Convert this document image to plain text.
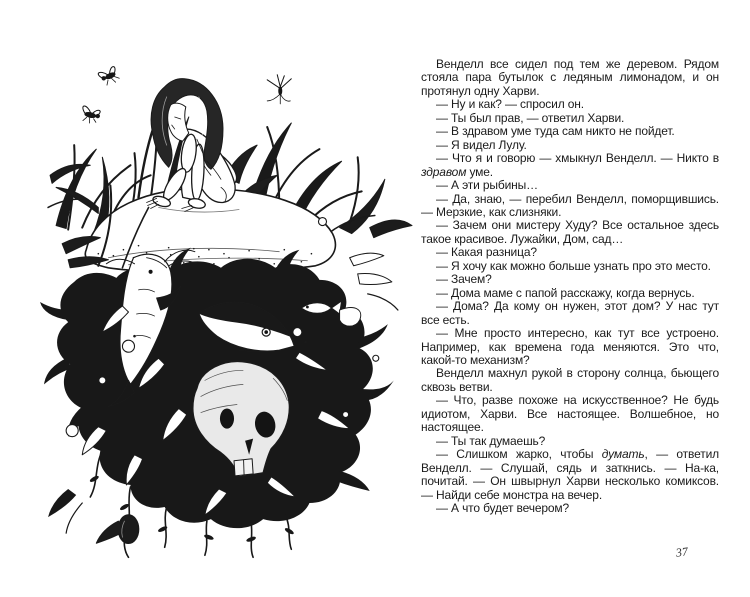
Венделл все сидел под тем же деревом. Рядом стояла пара бутылок с ледяным лимонадом, и он протянул одну Харви.

— Ну и как? — спросил он.

— Ты был прав, — ответил Харви.

— В здравом уме туда сам никто не пойдет.

— Я видел Лулу.

— Что я и говорю — хмыкнул Венделл. — Никто в здравом уме.

— А эти рыбины…

— Да, знаю, — перебил Венделл, поморщившись. — Мерзкие, как слизняки.

— Зачем они мистеру Худу? Все остальное здесь такое красивое. Лужайки, Дом, сад…

— Какая разница?

— Я хочу как можно больше узнать про это место.

— Зачем?

— Дома маме с папой расскажу, когда вернусь.

— Дома? Да кому он нужен, этот дом? У нас тут все есть.

— Мне просто интересно, как тут все устроено. Например, как времена года меняются. Это что, какой-то механизм?

Венделл махнул рукой в сторону солнца, бьющего сквозь ветви.

— Что, разве похоже на искусственное? Не будь идиотом, Харви. Все настоящее. Волшебное, но настоящее.

— Ты так думаешь?

— Слишком жарко, чтобы думать, — ответил Венделл. — Слушай, сядь и заткнись. — На-ка, почитай. — Он швырнул Харви несколько комиксов. — Найди себе монстра на вечер.

— А что будет вечером?

37
